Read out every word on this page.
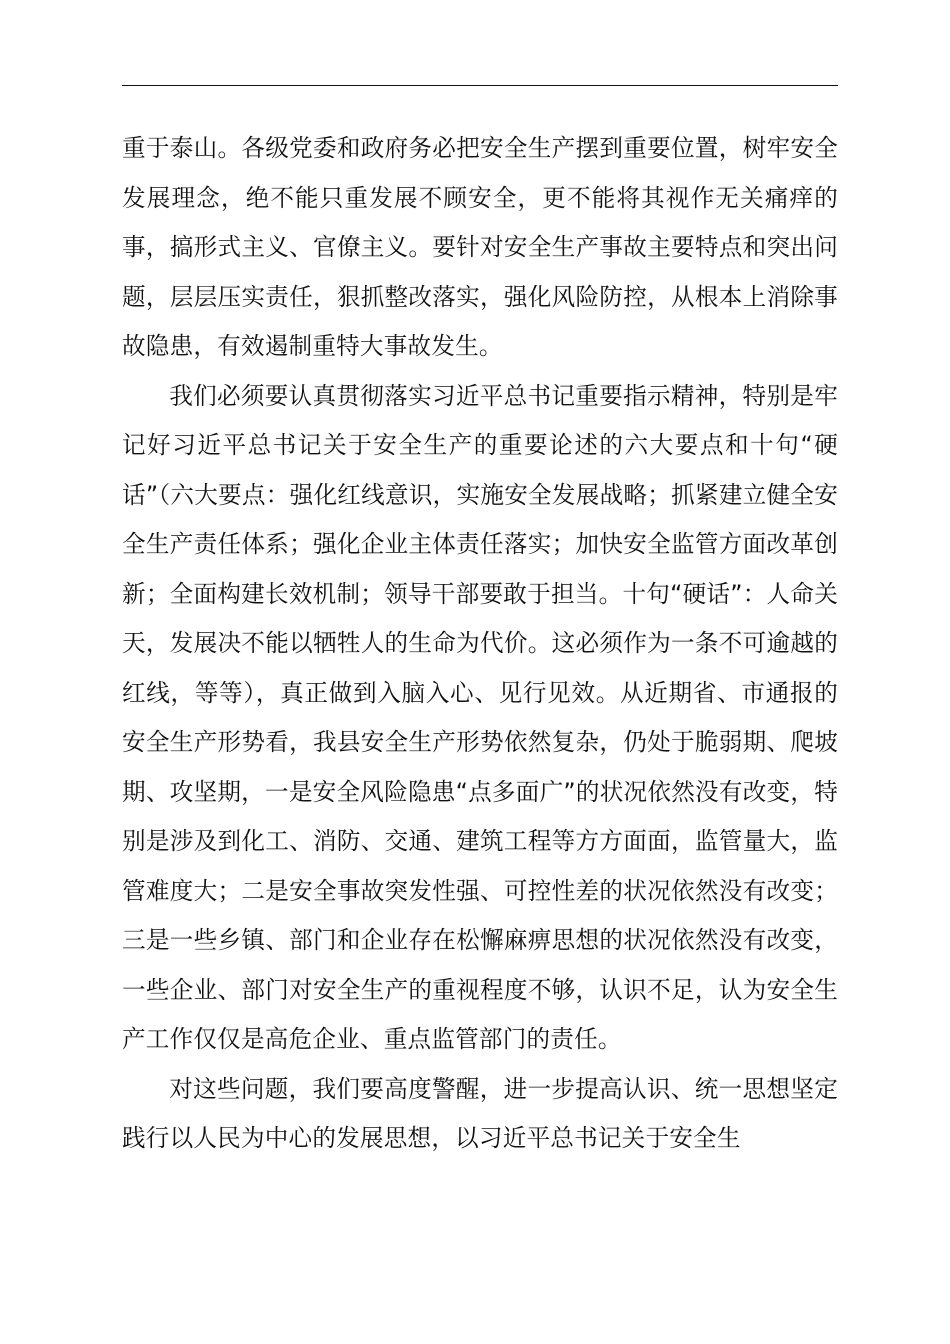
重于泰山。各级党委和政府务必把安全生产摆到重要位置，树牢安全发展理念，绝不能只重发展不顾安全，更不能将其视作无关痛痒的事，搞形式主义、官僚主义。要针对安全生产事故主要特点和突出问题，层层压实责任，狠抓整改落实，强化风险防控，从根本上消除事故隐患，有效遏制重特大事故发生。

我们必须要认真贯彻落实习近平总书记重要指示精神，特别是牢记好习近平总书记关于安全生产的重要论述的六大要点和十句“硬话”（六大要点：强化红线意识，实施安全发展战略；抓紧建立健全安全生产责任体系；强化企业主体责任落实；加快安全监管方面改革创新；全面构建长效机制；领导干部要敢于担当。十句“硬话”：人命关天，发展决不能以牺牲人的生命为代价。这必须作为一条不可逾越的红线，等等），真正做到入脑入心、见行见效。从近期省、市通报的安全生产形势看，我县安全生产形势依然复杂，仍处于脆弱期、爬坡期、攻坚期，一是安全风险隐患“点多面广”的状况依然没有改变，特别是涉及到化工、消防、交通、建筑工程等方方面面，监管量大，监管难度大；二是安全事故突发性强、可控性差的状况依然没有改变；三是一些乡镇、部门和企业存在松懈麻痹思想的状况依然没有改变，一些企业、部门对安全生产的重视程度不够，认识不足，认为安全生产工作仅仅是高危企业、重点监管部门的责任。

对这些问题，我们要高度警醒，进一步提高认识、统一思想坚定践行以人民为中心的发展思想，以习近平总书记关于安全生
